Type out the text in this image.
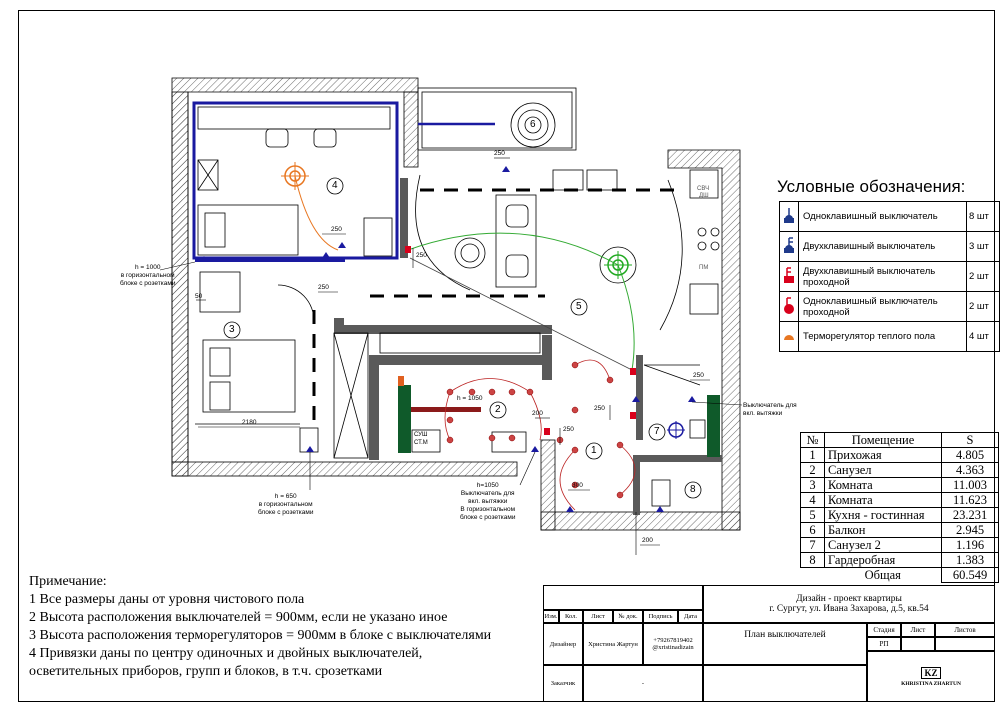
1
2
3
4
5
6
7
8
h = 1000
в горизонтальном
блоке с розетками
h = 650
в горизонтальном
блоке с розетками
h = 1050
h=1050
Выключатель для
вкл. вытяжки
В горизонтальном
блоке с розетками
Выключатель для
вкл. вытяжки
250
250
250
250
50
250
2180
200
250
300
200
250
СВЧ
ДШ
ПМ
СУШ
СТ.М
Условные обозначения:
	Одноклавишный выключатель	8 шт
	Двухклавишный выключатель	3 шт
	Двухклавишный выключатель проходной	2 шт
	Одноклавишный выключатель проходной	2 шт
	Терморегулятор теплого пола	4 шт
№	Помещение	S
1	Прихожая	4.805
2	Санузел	4.363
3	Комната	11.003
4	Комната	11.623
5	Кухня - гостинная	23.231
6	Балкон	2.945
7	Санузел 2	1.196
8	Гардеробная	1.383
	Общая	60.549
Примечание:
1 Все размеры даны от уровня чистового пола
2 Высота расположения выключателей = 900мм, если не указано иное
3 Высота расположения терморегуляторов = 900мм в блоке с выключателями
4 Привязки даны по центру одиночных и двойных выключателей,
осветительных приборов, групп и блоков, в т.ч. срозетками
Дизайн - проект квартиры
г. Сургут, ул. Ивана Захарова, д.5, кв.54
Изм.	Кол.	Лист	№ док.	Подпись	Дата
Дизайнер	Христина Жартун	+79267819402
@xristinadizain
План выключателей	Стадия	Лист	Листов
РП
KZ
KHRISTINA ZHARTUN
Заказчик	-
